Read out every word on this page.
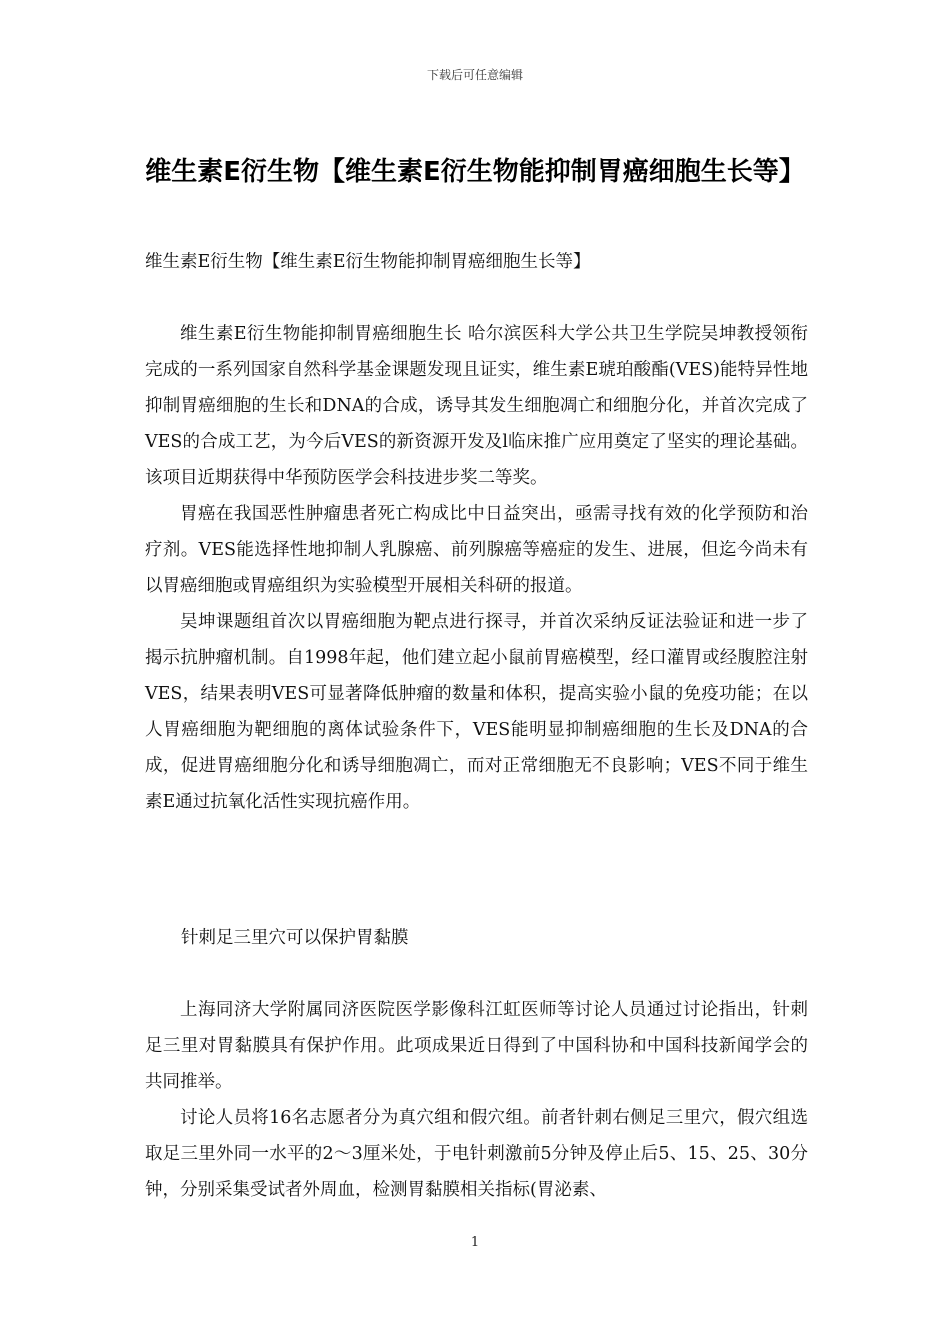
下载后可任意编辑
维生素E衍生物【维生素E衍生物能抑制胃癌细胞生长等】
维生素E衍生物【维生素E衍生物能抑制胃癌细胞生长等】

维生素E衍生物能抑制胃癌细胞生长 哈尔滨医科大学公共卫生学院吴坤教授领衔完成的一系列国家自然科学基金课题发现且证实，维生素E琥珀酸酯(VES)能特异性地抑制胃癌细胞的生长和DNA的合成，诱导其发生细胞凋亡和细胞分化，并首次完成了VES的合成工艺，为今后VES的新资源开发及l临床推广应用奠定了坚实的理论基础。该项目近期获得中华预防医学会科技进步奖二等奖。

胃癌在我国恶性肿瘤患者死亡构成比中日益突出，亟需寻找有效的化学预防和治疗剂。VES能选择性地抑制人乳腺癌、前列腺癌等癌症的发生、进展，但迄今尚未有以胃癌细胞或胃癌组织为实验模型开展相关科研的报道。

吴坤课题组首次以胃癌细胞为靶点进行探寻，并首次采纳反证法验证和进一步了揭示抗肿瘤机制。自1998年起，他们建立起小鼠前胃癌模型，经口灌胃或经腹腔注射VES，结果表明VES可显著降低肿瘤的数量和体积，提高实验小鼠的免疫功能；在以人胃癌细胞为靶细胞的离体试验条件下，VES能明显抑制癌细胞的生长及DNA的合成，促进胃癌细胞分化和诱导细胞凋亡，而对正常细胞无不良影响；VES不同于维生素E通过抗氧化活性实现抗癌作用。

针刺足三里穴可以保护胃黏膜

上海同济大学附属同济医院医学影像科江虹医师等讨论人员通过讨论指出，针刺足三里对胃黏膜具有保护作用。此项成果近日得到了中国科协和中国科技新闻学会的共同推举。

讨论人员将16名志愿者分为真穴组和假穴组。前者针刺右侧足三里穴，假穴组选取足三里外同一水平的2～3厘米处，于电针刺激前5分钟及停止后5、15、25、30分钟，分别采集受试者外周血，检测胃黏膜相关指标(胃泌素、

1
